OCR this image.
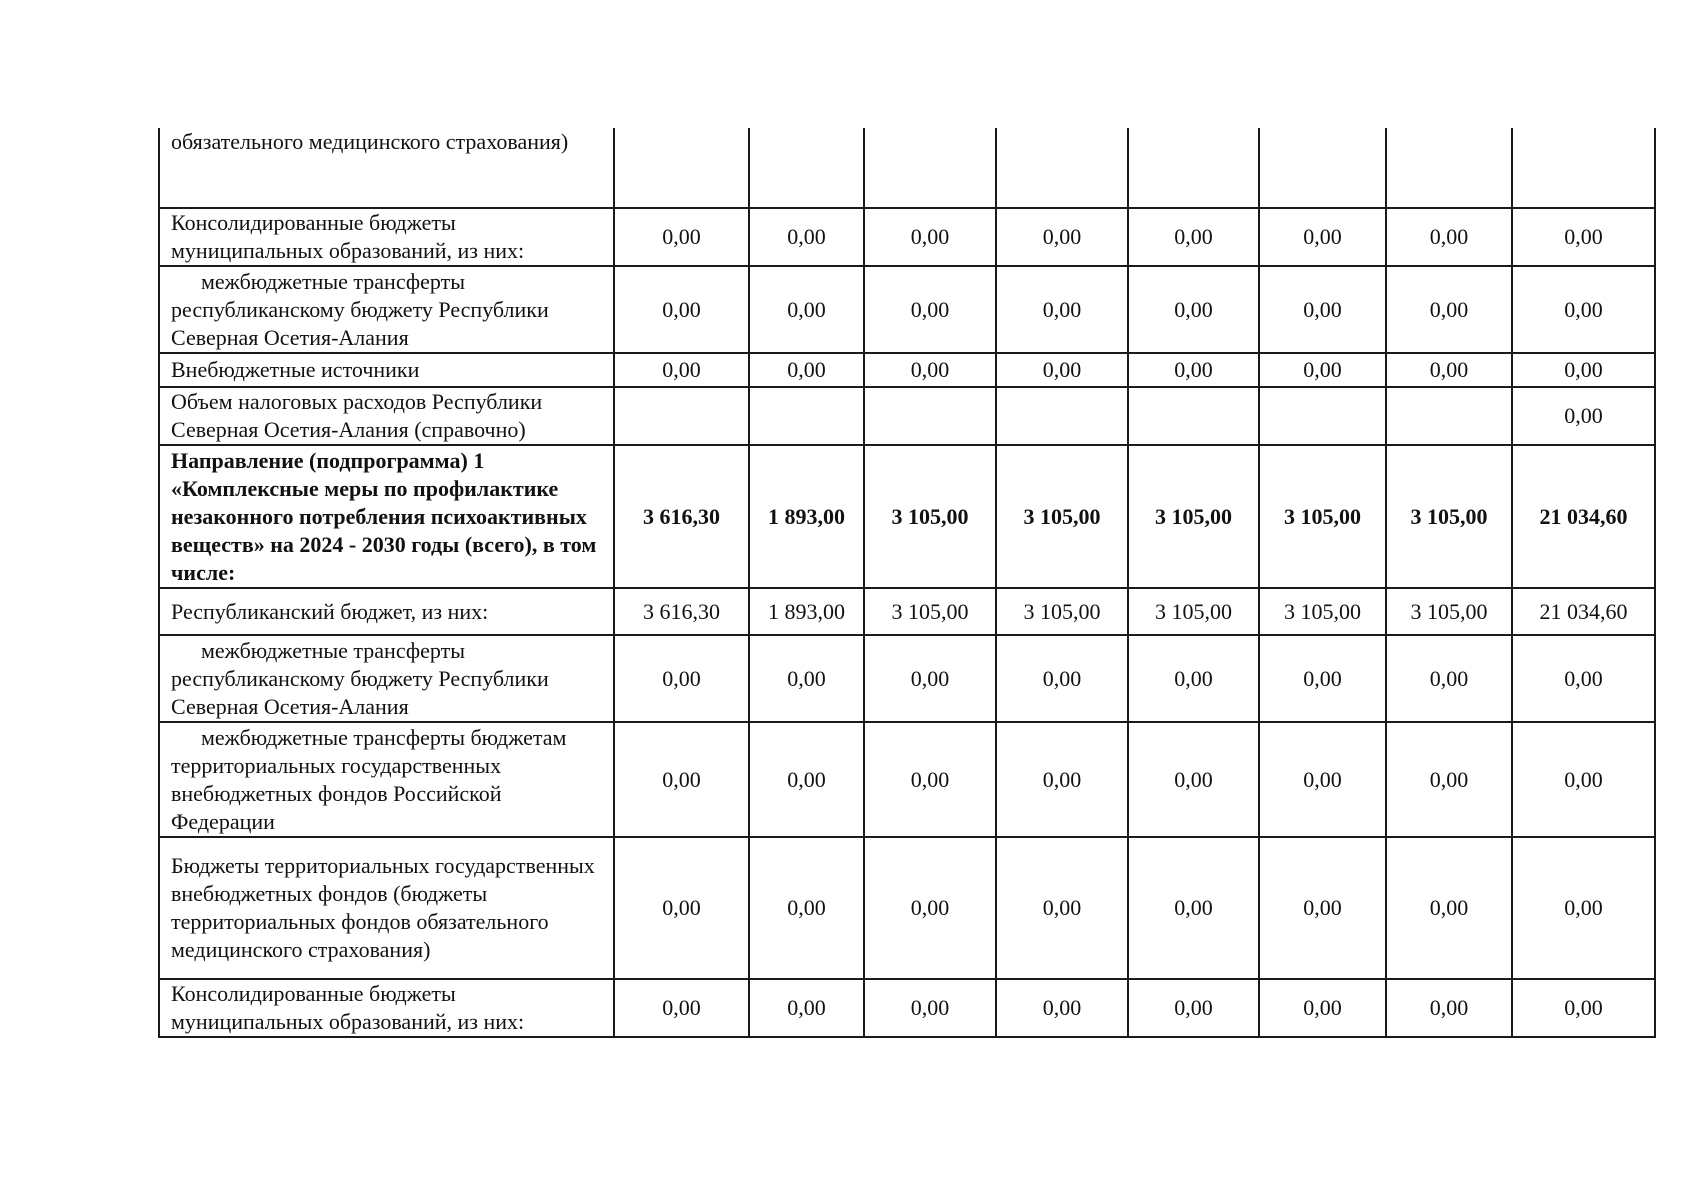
обязательного медицинского страхования)								
Консолидированные бюджеты муниципальных образований, из них:	0,00	0,00	0,00	0,00	0,00	0,00	0,00	0,00
межбюджетные трансферты республиканскому бюджету Республики Северная Осетия-Алания	0,00	0,00	0,00	0,00	0,00	0,00	0,00	0,00
Внебюджетные источники	0,00	0,00	0,00	0,00	0,00	0,00	0,00	0,00
Объем налоговых расходов Республики Северная Осетия-Алания (справочно)								0,00
Направление (подпрограмма) 1 «Комплексные меры по профилактике незаконного потребления психоактивных веществ» на 2024 - 2030 годы (всего), в том числе:	3 616,30	1 893,00	3 105,00	3 105,00	3 105,00	3 105,00	3 105,00	21 034,60
Республиканский бюджет, из них:	3 616,30	1 893,00	3 105,00	3 105,00	3 105,00	3 105,00	3 105,00	21 034,60
межбюджетные трансферты республиканскому бюджету Республики Северная Осетия-Алания	0,00	0,00	0,00	0,00	0,00	0,00	0,00	0,00
межбюджетные трансферты бюджетам территориальных государственных внебюджетных фондов Российской Федерации	0,00	0,00	0,00	0,00	0,00	0,00	0,00	0,00
Бюджеты территориальных государственных внебюджетных фондов (бюджеты территориальных фондов обязательного медицинского страхования)	0,00	0,00	0,00	0,00	0,00	0,00	0,00	0,00
Консолидированные бюджеты муниципальных образований, из них:	0,00	0,00	0,00	0,00	0,00	0,00	0,00	0,00
